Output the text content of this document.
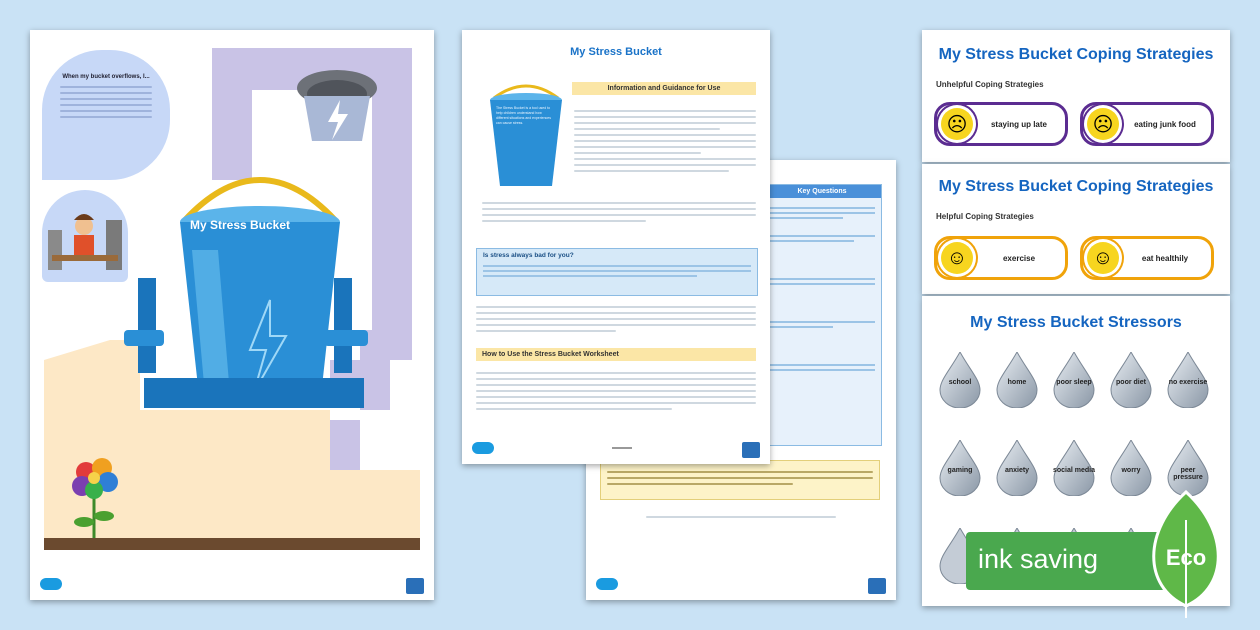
When my bucket overflows, I...
My Stress Bucket
Key Questions
My Stress Bucket
Information and Guidance for Use
The Stress Bucket is a tool used to help children understand how different situations and experiences can cause stress.
Is stress always bad for you?
How to Use the Stress Bucket Worksheet
My Stress Bucket Coping Strategies
Unhelpful Coping Strategies
☹	staying up late	☹	eating junk food
My Stress Bucket Coping Strategies
Helpful Coping Strategies
☺	exercise	☺	eat healthily
My Stress Bucket Stressors
school	home	poor sleep	poor diet	no exercise
gaming	anxiety	social media	worry	peer pressure
ink saving	Eco
